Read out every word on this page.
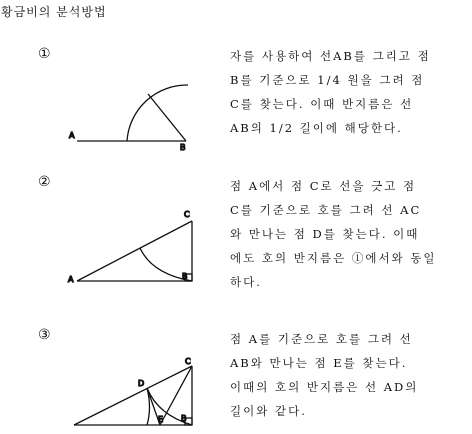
황금비의 분석방법
①
②
③
자를 사용하여 선AB를 그리고 점
B를 기준으로 1/4 원을 그려 점
C를 찾는다. 이때 반지름은 선
AB의 1/2 길이에 해당한다.
점 A에서 점 C로 선을 긋고 점
C를 기준으로 호를 그려 선 AC
와 만나는 점 D를 찾는다. 이때
에도 호의 반지름은 ①에서와 동일
하다.
점 A를 기준으로 호를 그려 선
AB와 만나는 점 E를 찾는다.
이때의 호의 반지름은 선 AD의
길이와 같다.
A
B
A	B
C
C
D
E B
